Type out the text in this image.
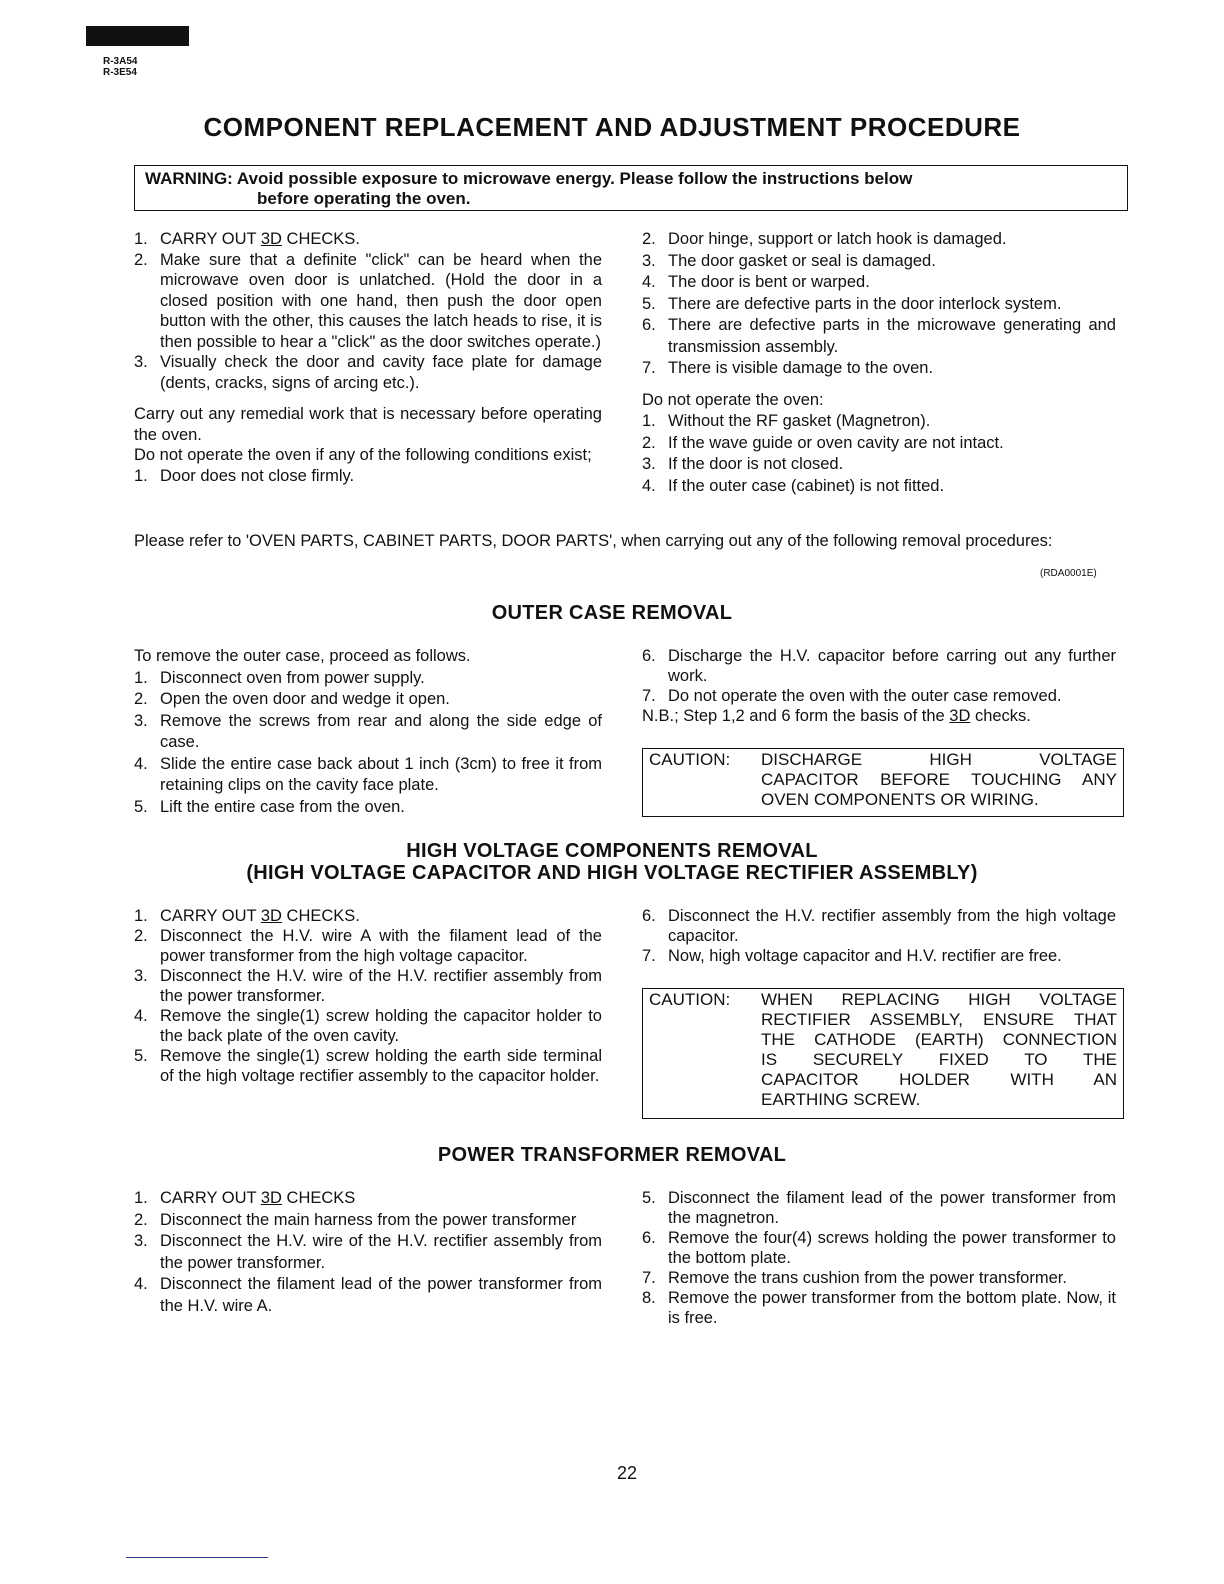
R-3A54
R-3E54
COMPONENT REPLACEMENT AND ADJUSTMENT PROCEDURE
WARNING: Avoid possible exposure to microwave energy. Please follow the instructions below
before operating the oven.
1. CARRY OUT 3D CHECKS.
2. Make sure that a definite "click" can be heard when the microwave oven door is unlatched. (Hold the door in a closed position with one hand, then push the door open button with the other, this causes the latch heads to rise, it is then possible to hear a "click" as the door switches operate.)
3. Visually check the door and cavity face plate for damage (dents, cracks, signs of arcing etc.).

Carry out any remedial work that is necessary before operating the oven.

Do not operate the oven if any of the following conditions exist;

1. Door does not close firmly.
2. Door hinge, support or latch hook is damaged.
3. The door gasket or seal is damaged.
4. The door is bent or warped.
5. There are defective parts in the door interlock system.
6. There are defective parts in the microwave generating and transmission assembly.
7. There is visible damage to the oven.

Do not operate the oven:

1. Without the RF gasket (Magnetron).
2. If the wave guide or oven cavity are not intact.
3. If the door is not closed.
4. If the outer case (cabinet) is not fitted.
Please refer to 'OVEN PARTS, CABINET PARTS, DOOR PARTS', when carrying out any of the following removal procedures:
(RDA0001E)
OUTER CASE REMOVAL

To remove the outer case, proceed as follows.

1. Disconnect oven from power supply.
2. Open the oven door and wedge it open.
3. Remove the screws from rear and along the side edge of case.
4. Slide the entire case back about 1 inch (3cm) to free it from retaining clips on the cavity face plate.
5. Lift the entire case from the oven.
6. Discharge the H.V. capacitor before carring out any further work.
7. Do not operate the oven with the outer case removed.
N.B.; Step 1,2 and 6 form the basis of the 3D checks.
CAUTION:	DISCHARGE HIGH VOLTAGE
CAPACITOR BEFORE TOUCHING ANY
OVEN COMPONENTS OR WIRING.
HIGH VOLTAGE COMPONENTS REMOVAL
(HIGH VOLTAGE CAPACITOR AND HIGH VOLTAGE RECTIFIER ASSEMBLY)
1. CARRY OUT 3D CHECKS.
2. Disconnect the H.V. wire A with the filament lead of the power transformer from the high voltage capacitor.
3. Disconnect the H.V. wire of the H.V. rectifier assembly from the power transformer.
4. Remove the single(1) screw holding the capacitor holder to the back plate of the oven cavity.
5. Remove the single(1) screw holding the earth side terminal of the high voltage rectifier assembly to the capacitor holder.
6. Disconnect the H.V. rectifier assembly from the high voltage capacitor.
7. Now, high voltage capacitor and H.V. rectifier are free.
CAUTION:	WHEN REPLACING HIGH VOLTAGE
RECTIFIER ASSEMBLY, ENSURE THAT
THE CATHODE (EARTH) CONNECTION
IS SECURELY FIXED TO THE
CAPACITOR HOLDER WITH AN
EARTHING SCREW.
POWER TRANSFORMER REMOVAL
1. CARRY OUT 3D CHECKS
2. Disconnect the main harness from the power transformer
3. Disconnect the H.V. wire of the H.V. rectifier assembly from the power transformer.
4. Disconnect the filament lead of the power transformer from the H.V. wire A.
5. Disconnect the filament lead of the power transformer from the magnetron.
6. Remove the four(4) screws holding the power transformer to the bottom plate.
7. Remove the trans cushion from the power transformer.
8. Remove the power transformer from the bottom plate. Now, it is free.
22
